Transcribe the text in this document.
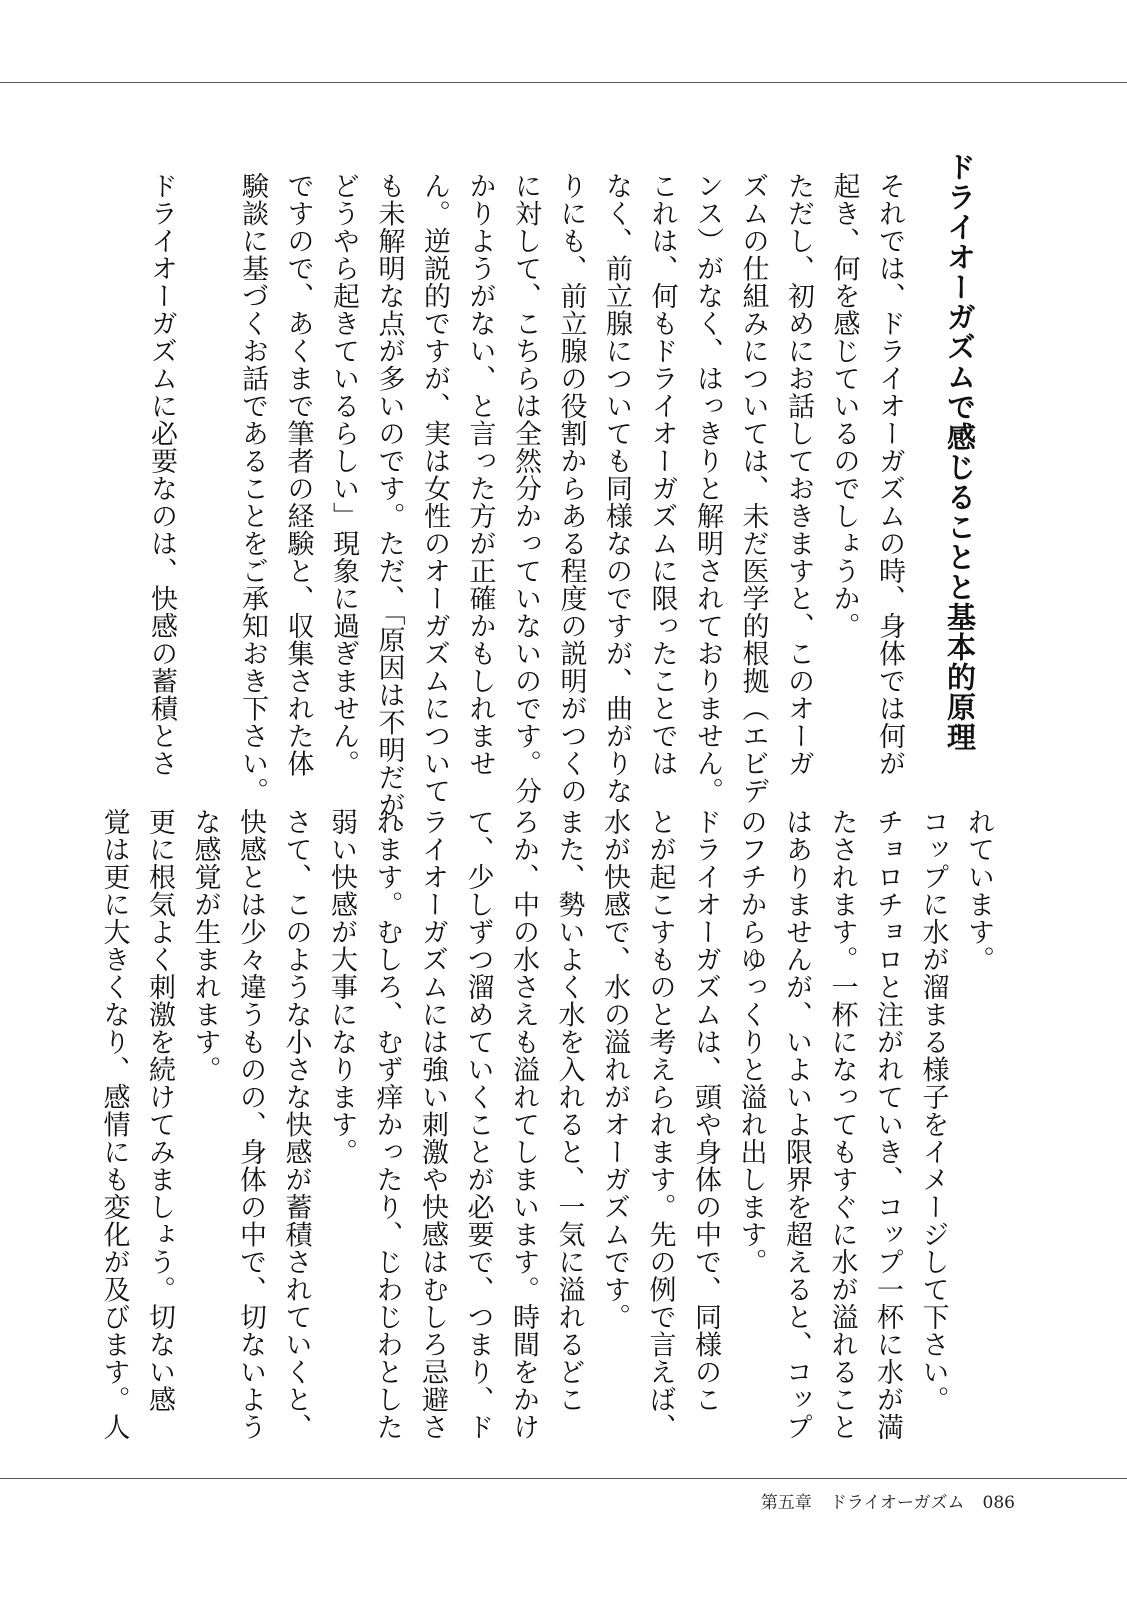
ドライオーガズムで感じることと基本的原理
それでは、ドライオーガズムの時、身体では何が
起き、何を感じているのでしょうか。
ただし、初めにお話しておきますと、このオーガ
ズムの仕組みについては、未だ医学的根拠（エビデ
ンス）がなく、はっきりと解明されておりません。
これは、何もドライオーガズムに限ったことでは
なく、前立腺についても同様なのですが、曲がりな
りにも、前立腺の役割からある程度の説明がつくの
に対して、こちらは全然分かっていないのです。分
かりようがない、と言った方が正確かもしれませ
ん。逆説的ですが、実は女性のオーガズムについて
も未解明な点が多いのです。ただ、「原因は不明だが、
どうやら起きているらしい」現象に過ぎません。
ですので、あくまで筆者の経験と、収集された体
験談に基づくお話であることをご承知おき下さい。
ドライオーガズムに必要なのは、快感の蓄積とさ
れています。
コップに水が溜まる様子をイメージして下さい。
チョロチョロと注がれていき、コップ一杯に水が満
たされます。一杯になってもすぐに水が溢れること
はありませんが、いよいよ限界を超えると、コップ
のフチからゆっくりと溢れ出します。
ドライオーガズムは、頭や身体の中で、同様のこ
とが起こすものと考えられます。先の例で言えば、
水が快感で、水の溢れがオーガズムです。
また、勢いよく水を入れると、一気に溢れるどこ
ろか、中の水さえも溢れてしまいます。時間をかけ
て、少しずつ溜めていくことが必要で、つまり、ド
ライオーガズムには強い刺激や快感はむしろ忌避さ
れます。むしろ、むず痒かったり、じわじわとした
弱い快感が大事になります。
さて、このような小さな快感が蓄積されていくと、
快感とは少々違うものの、身体の中で、切ないよう
な感覚が生まれます。
更に根気よく刺激を続けてみましょう。切ない感
覚は更に大きくなり、感情にも変化が及びます。人
第五章 ドライオーガズム 086
